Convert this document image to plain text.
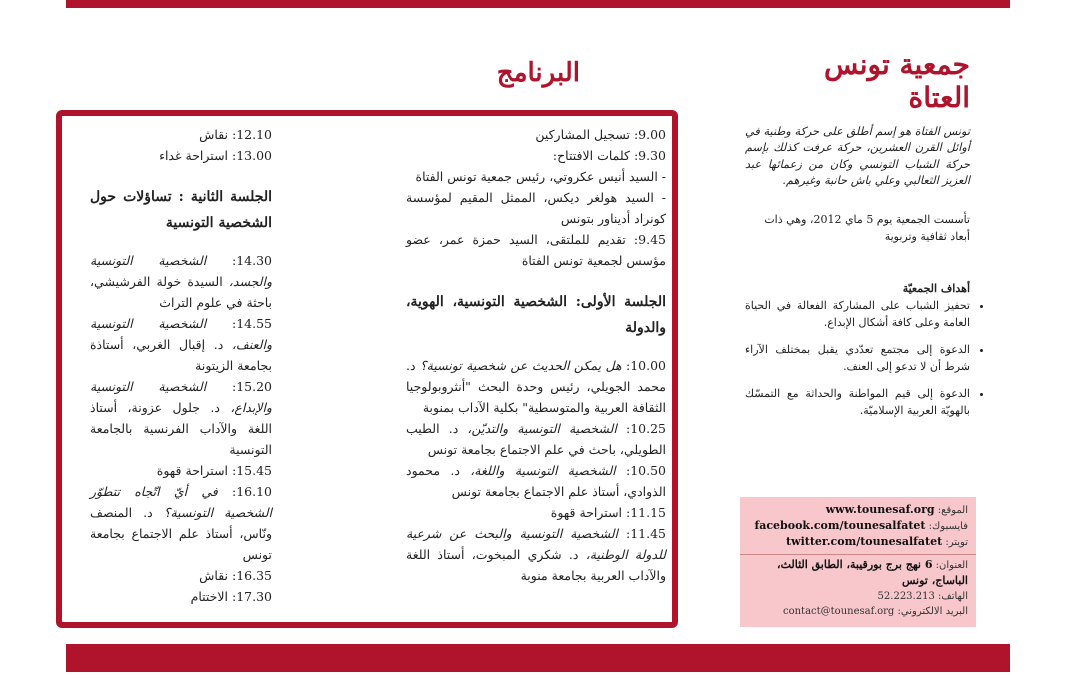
جمعية تونس العتاة
البرنامج
تونس الفتاة هو إسم أطلق على حركة وطنية في أوائل القرن العشرين، حركة عرفت كذلك بإسم حركة الشباب التونسي وكان من زعمائها عبد العزيز الثعالبي وعلي باش حانبة وغيرهم.
تأسست الجمعية يوم 5 ماي 2012، وهي ذات أبعاد ثقافية وتربوية
أهداف الجمعيّة
• تحفيز الشباب على المشاركة الفعالة في الحياة العامة وعلى كافة أشكال الإبداع.
• الدعوة إلى مجتمع تعدّدي يقبل بمختلف الآراء شرط أن لا تدعو إلى العنف.
• الدعوة إلى قيم المواطنة والحداثة مع التمسّك بالهويّة العربية الإسلاميّة.
الموقع: www.tounesaf.org
فايسبوك: facebook.com/tounesalfatet
تويتر: twitter.com/tounesalfatet
العنوان: 6 نهج برج بورقيبة، الطابق الثالث، الباساج، تونس
الهاتف: 52.223.213
البريد الالكتروني: contact@tounesaf.org

9.00: تسجيل المشاركين

9.30: كلمات الافتتاح:

- السيد أنيس عكروتي، رئيس جمعية تونس الفتاة

- السيد هولغر ديكس، الممثل المقيم لمؤسسة كونراد أديناور بتونس

9.45: تقديم للملتقى، السيد حمزة عمر، عضو مؤسس لجمعية تونس الفتاة

الجلسة الأولى: الشخصية التونسية، الهوية، والدولة

10.00: هل يمكن الحديث عن شخصية تونسية؟ د. محمد الجويلي، رئيس وحدة البحث "أنثروبولوجيا الثقافة العربية والمتوسطية" بكلية الآداب بمنوبة

10.25: الشخصية التونسية والتديّن، د. الطيب الطويلي، باحث في علم الاجتماع بجامعة تونس

10.50: الشخصية التونسية واللغة، د. محمود الذوادي، أستاذ علم الاجتماع بجامعة تونس

11.15: استراحة قهوة

11.45: الشخصية التونسية والبحث عن شرعية للدولة الوطنية، د. شكري المبخوت، أستاذ اللغة والآداب العربية بجامعة منوبة

12.10: نقاش

13.00: استراحة غداء

الجلسة الثانية : تساؤلات حول الشخصية التونسية

14.30: الشخصية التونسية والجسد، السيدة خولة الفرشيشي، باحثة في علوم التراث

14.55: الشخصية التونسية والعنف، د. إقبال الغربي، أستاذة بجامعة الزيتونة

15.20: الشخصية التونسية والإبداع، د. جلول عزونة، أستاذ اللغة والآداب الفرنسية بالجامعة التونسية

15.45: استراحة قهوة

16.10: في أيّ اتّجاه تتطوّر الشخصية التونسية؟ د. المنصف ونّاس، أستاذ علم الاجتماع بجامعة تونس

16.35: نقاش

17.30: الاختتام
